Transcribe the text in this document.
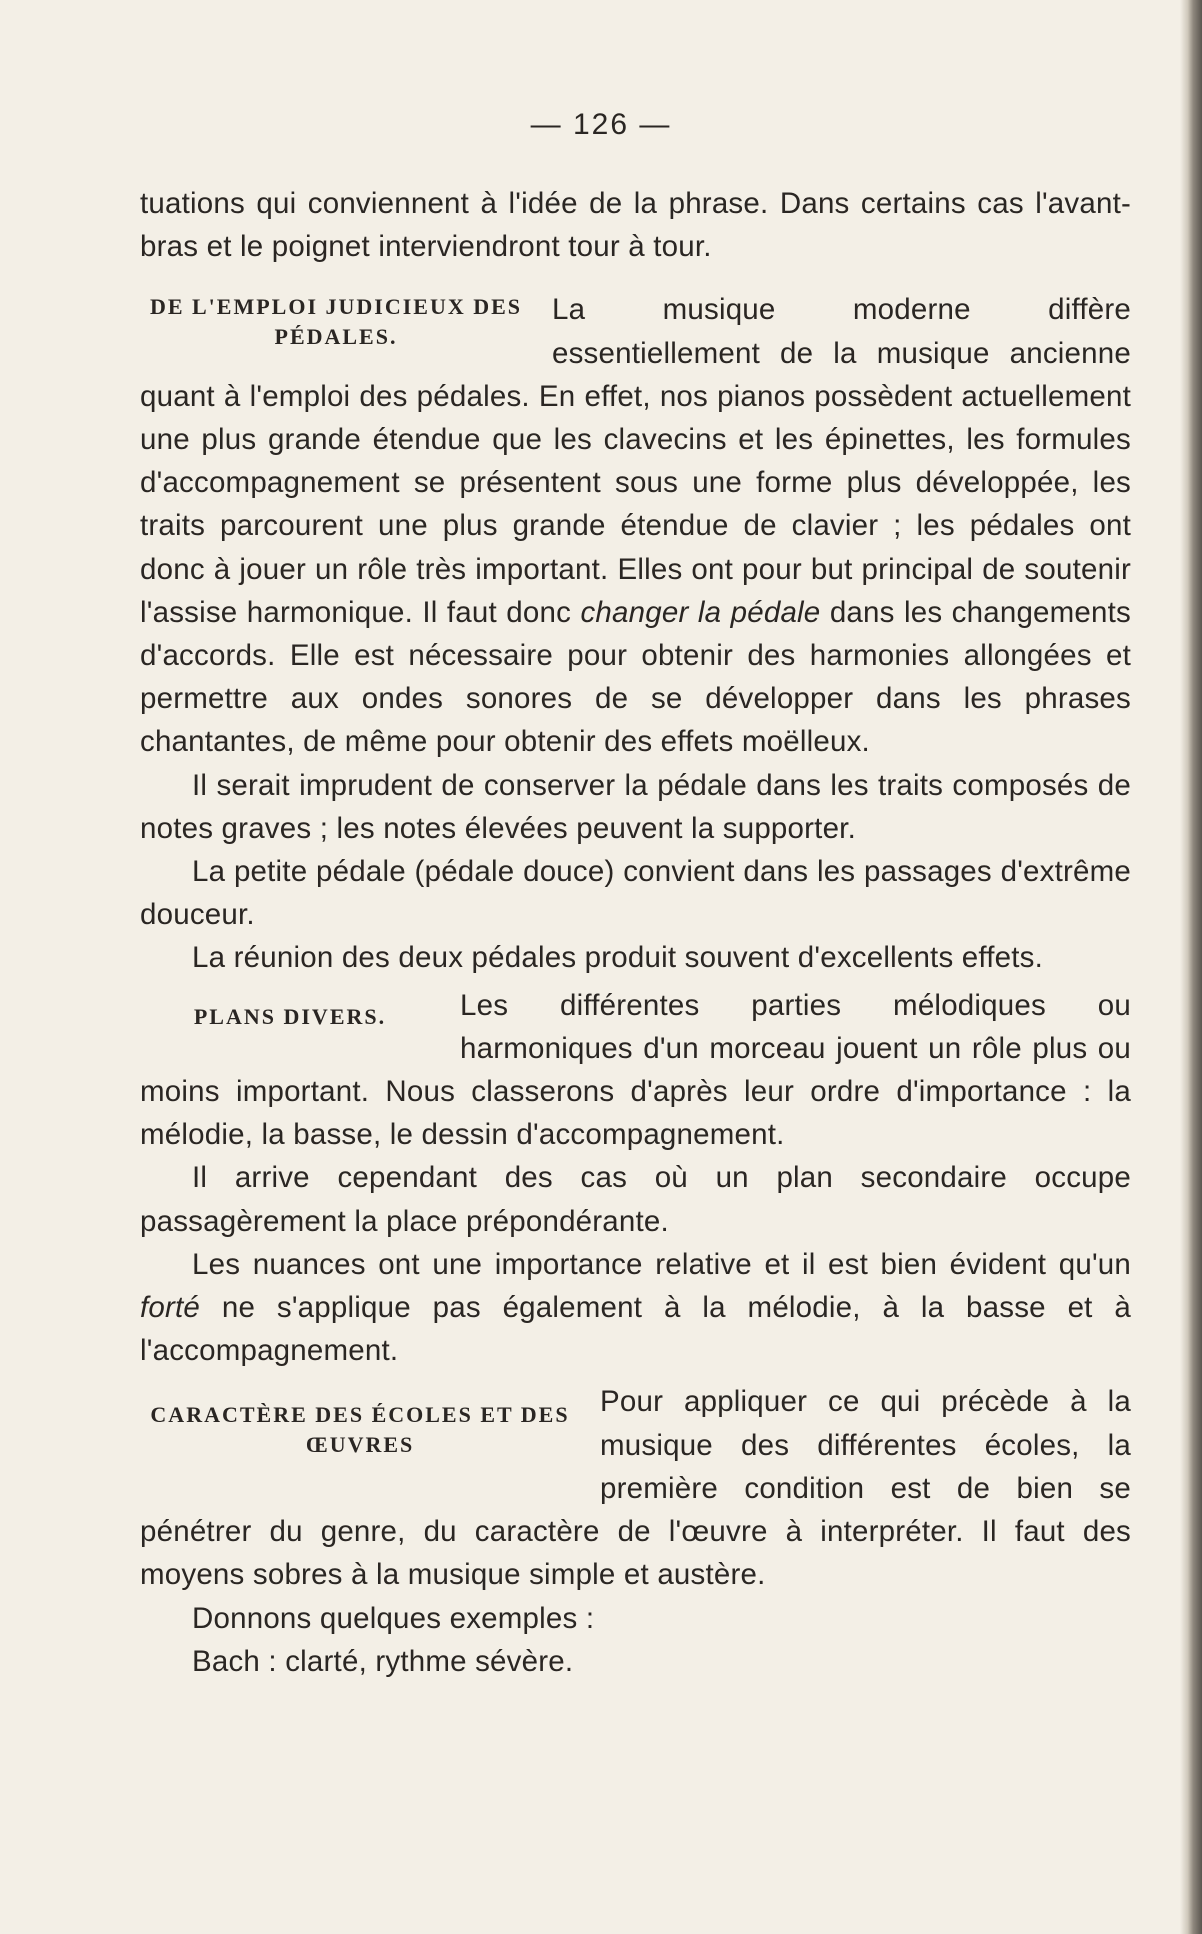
— 126 —

tuations qui conviennent à l'idée de la phrase. Dans certains cas l'avant-bras et le poignet interviendront tour à tour.

DE L'EMPLOI JUDICIEUX DES PÉDALES.

La musique moderne diffère essentiellement de la musique ancienne quant à l'emploi des pédales. En effet, nos pianos possèdent actuellement une plus grande étendue que les clavecins et les épinettes, les formules d'accompagnement se présentent sous une forme plus développée, les traits parcourent une plus grande étendue de clavier ; les pédales ont donc à jouer un rôle très important. Elles ont pour but principal de soutenir l'assise harmonique. Il faut donc changer la pédale dans les changements d'accords. Elle est nécessaire pour obtenir des harmonies allongées et permettre aux ondes sonores de se développer dans les phrases chantantes, de même pour obtenir des effets moëlleux.

Il serait imprudent de conserver la pédale dans les traits composés de notes graves ; les notes élevées peuvent la supporter.

La petite pédale (pédale douce) convient dans les passages d'extrême douceur.

La réunion des deux pédales produit souvent d'excellents effets.

PLANS DIVERS.	Les différentes parties mélodiques ou harmoniques d'un morceau jouent un rôle plus ou moins important. Nous classerons d'après leur ordre d'importance : la mélodie, la basse, le dessin d'accompagnement.

Il arrive cependant des cas où un plan secondaire occupe passagèrement la place prépondérante.

Les nuances ont une importance relative et il est bien évident qu'un forté ne s'applique pas également à la mélodie, à la basse et à l'accompagnement.

CARACTÈRE DES ÉCOLES ET DES ŒUVRES

Pour appliquer ce qui précède à la musique des différentes écoles, la première condition est de bien se pénétrer du genre, du caractère de l'œuvre à interpréter. Il faut des moyens sobres à la musique simple et austère.

Donnons quelques exemples :

Bach : clarté, rythme sévère.
